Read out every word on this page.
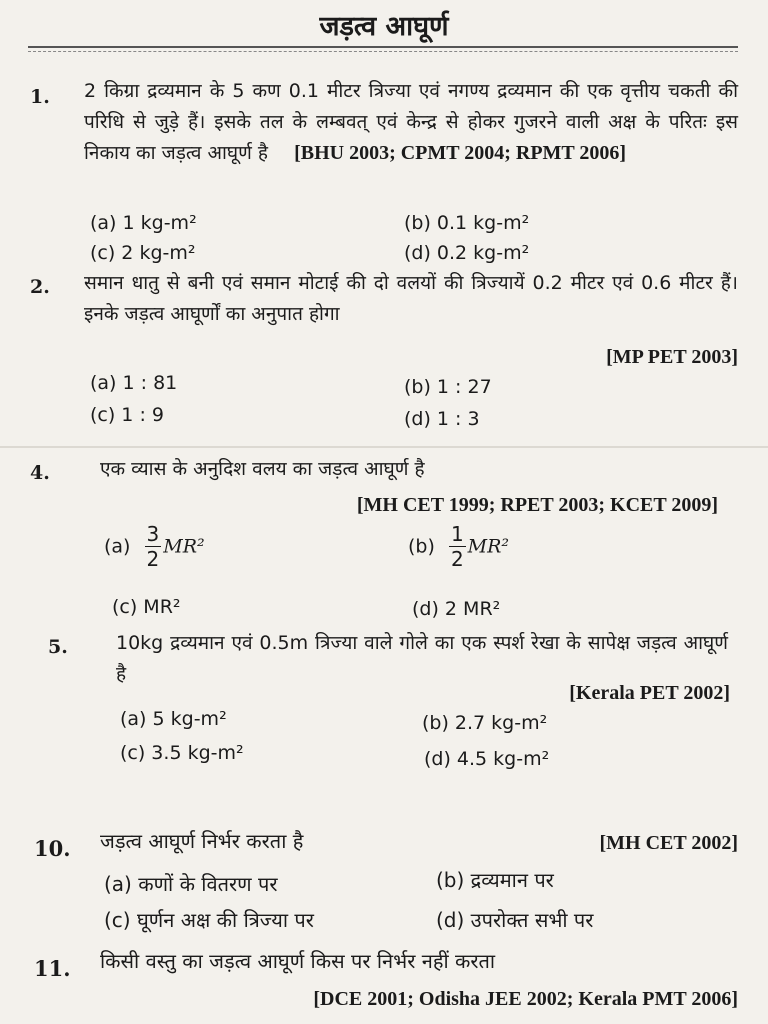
जड़त्व आघूर्ण
1. 2 किग्रा द्रव्यमान के 5 कण 0.1 मीटर त्रिज्या एवं नगण्य द्रव्यमान की एक वृत्तीय चकती की परिधि से जुड़े हैं। इसके तल के लम्बवत् एवं केन्द्र से होकर गुजरने वाली अक्ष के परितः इस निकाय का जड़त्व आघूर्ण है [BHU 2003; CPMT 2004; RPMT 2006]
(a) 1 kg-m²	(b) 0.1 kg-m²
(c) 2 kg-m²	(d) 0.2 kg-m²
2. समान धातु से बनी एवं समान मोटाई की दो वलयों की त्रिज्यायें 0.2 मीटर एवं 0.6 मीटर हैं। इनके जड़त्व आघूर्णों का अनुपात होगा
[MP PET 2003]
(a) 1 : 81	(b) 1 : 27
(c) 1 : 9	(d) 1 : 3
4.	एक व्यास के अनुदिश वलय का जड़त्व आघूर्ण है
[MH CET 1999; RPET 2003; KCET 2009]
$(a) \frac{3}{2} MR^2$	$(b) \frac{1}{2} MR^2$
(c) MR²	(d) 2 MR²
5.	10kg द्रव्यमान एवं 0.5m त्रिज्या वाले गोले का एक स्पर्श रेखा के सापेक्ष जड़त्व आघूर्ण है
[Kerala PET 2002]
(a) 5 kg-m²	(b) 2.7 kg-m²
(c) 3.5 kg-m²	(d) 4.5 kg-m²
10. जड़त्व आघूर्ण निर्भर करता है	[MH CET 2002]
(a) कणों के वितरण पर	(b) द्रव्यमान पर
(c) घूर्णन अक्ष की त्रिज्या पर	(d) उपरोक्त सभी पर
11. किसी वस्तु का जड़त्व आघूर्ण किस पर निर्भर नहीं करता
[DCE 2001; Odisha JEE 2002; Kerala PMT 2006]
